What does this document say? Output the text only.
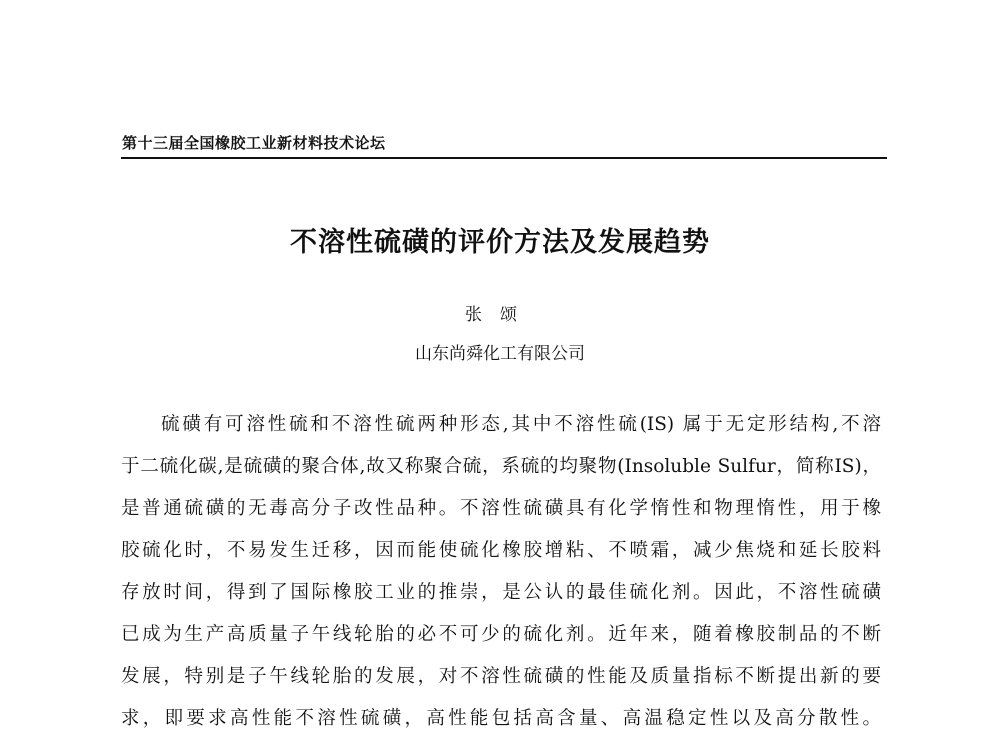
第十三届全国橡胶工业新材料技术论坛
不溶性硫磺的评价方法及发展趋势
张颂
山东尚舜化工有限公司
硫磺有可溶性硫和不溶性硫两种形态,其中不溶性硫(IS) 属于无定形结构,不溶
于二硫化碳,是硫磺的聚合体,故又称聚合硫，系硫的均聚物(Insoluble Sulfur，简称IS)，
是普通硫磺的无毒高分子改性品种。不溶性硫磺具有化学惰性和物理惰性，用于橡
胶硫化时，不易发生迁移，因而能使硫化橡胶增粘、不喷霜，减少焦烧和延长胶料
存放时间，得到了国际橡胶工业的推崇，是公认的最佳硫化剂。因此，不溶性硫磺
已成为生产高质量子午线轮胎的必不可少的硫化剂。近年来，随着橡胶制品的不断
发展，特别是子午线轮胎的发展，对不溶性硫磺的性能及质量指标不断提出新的要
求，即要求高性能不溶性硫磺，高性能包括高含量、高温稳定性以及高分散性。
